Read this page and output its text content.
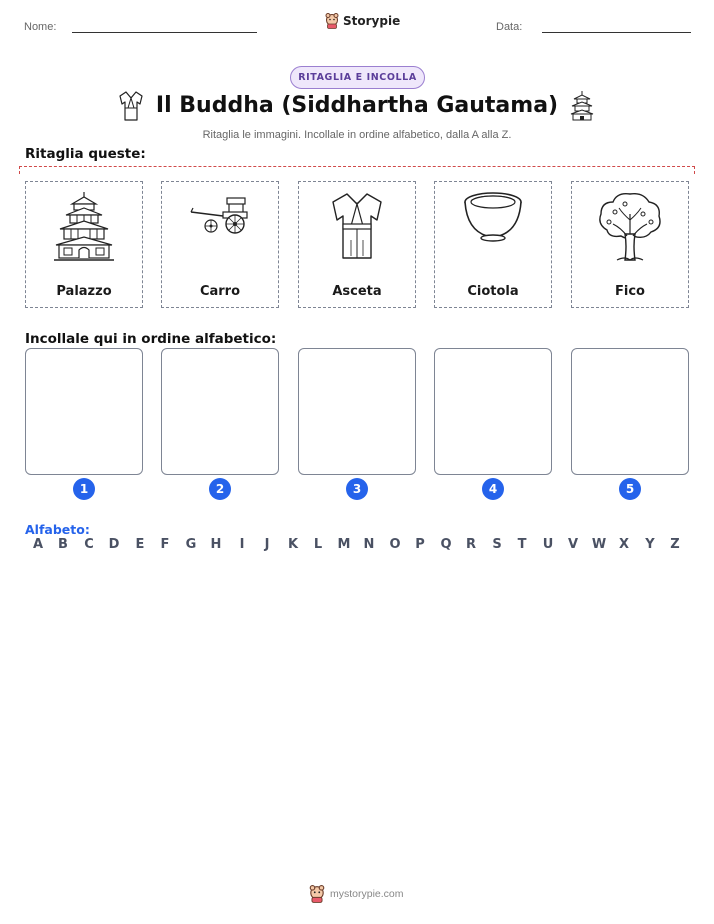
Nome:	Storypie	Data:
RITAGLIA E INCOLLA
Il Buddha (Siddhartha Gautama)
Ritaglia le immagini. Incollale in ordine alfabetico, dalla A alla Z.
Ritaglia queste:
Palazzo	Carro	Asceta	Ciotola	Fico
Incollale qui in ordine alfabetico:
1	2	3	4	5
Alfabeto:
A	B	C	D	E	F	G	H	I	J	K	L	M	N	O	P	Q	R	S	T	U	V	W X	Y	Z
mystorypie.com
